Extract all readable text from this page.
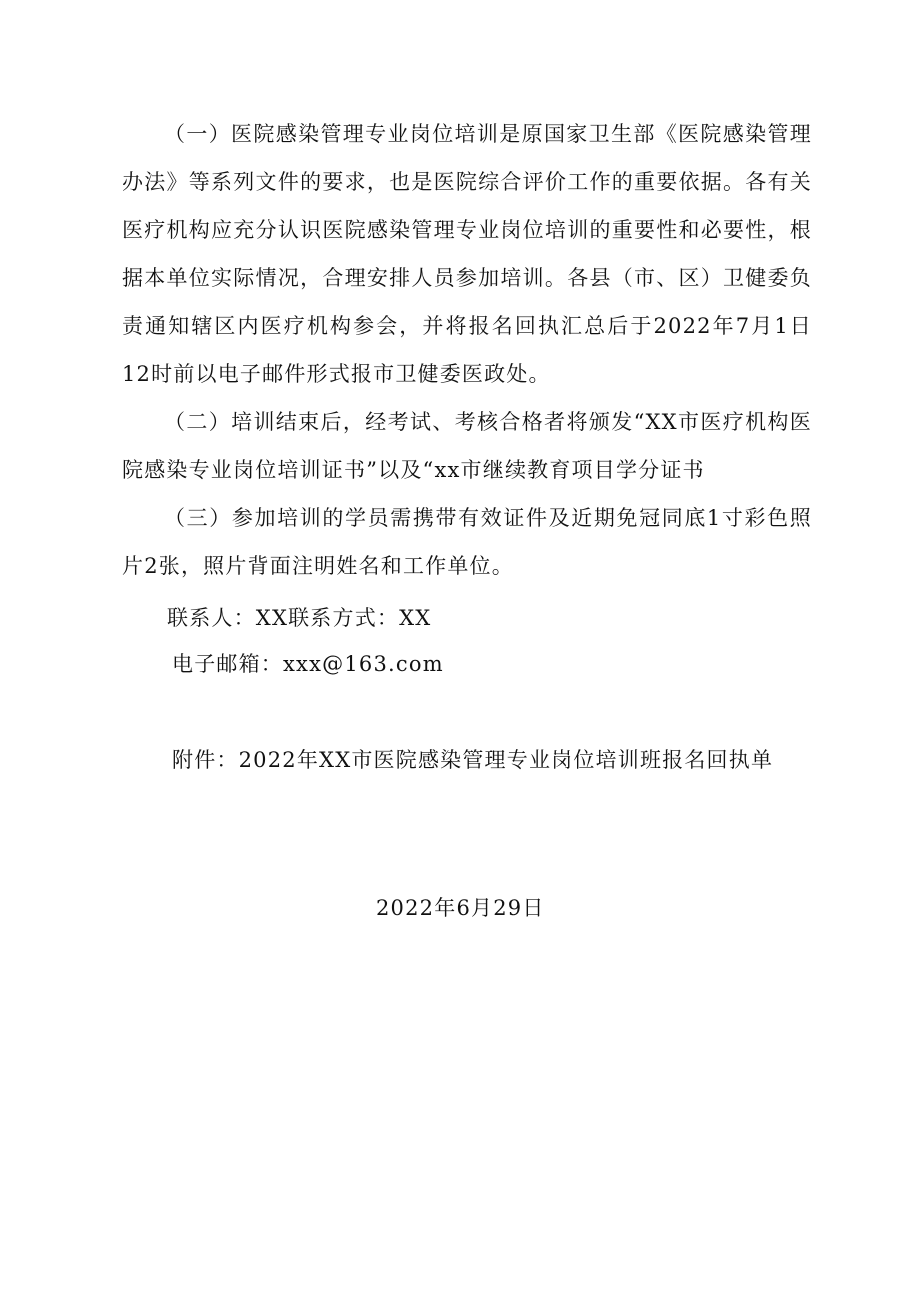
（一）医院感染管理专业岗位培训是原国家卫生部《医院感染管理办法》等系列文件的要求，也是医院综合评价工作的重要依据。各有关医疗机构应充分认识医院感染管理专业岗位培训的重要性和必要性，根据本单位实际情况，合理安排人员参加培训。各县（市、区）卫健委负责通知辖区内医疗机构参会，并将报名回执汇总后于2022年7月1日12时前以电子邮件形式报市卫健委医政处。

（二）培训结束后，经考试、考核合格者将颁发“XX市医疗机构医院感染专业岗位培训证书”以及“xx市继续教育项目学分证书

（三）参加培训的学员需携带有效证件及近期免冠同底1寸彩色照片2张，照片背面注明姓名和工作单位。

联系人：XX联系方式：XX

电子邮箱：xxx@163.com

附件：2022年XX市医院感染管理专业岗位培训班报名回执单

2022年6月29日
